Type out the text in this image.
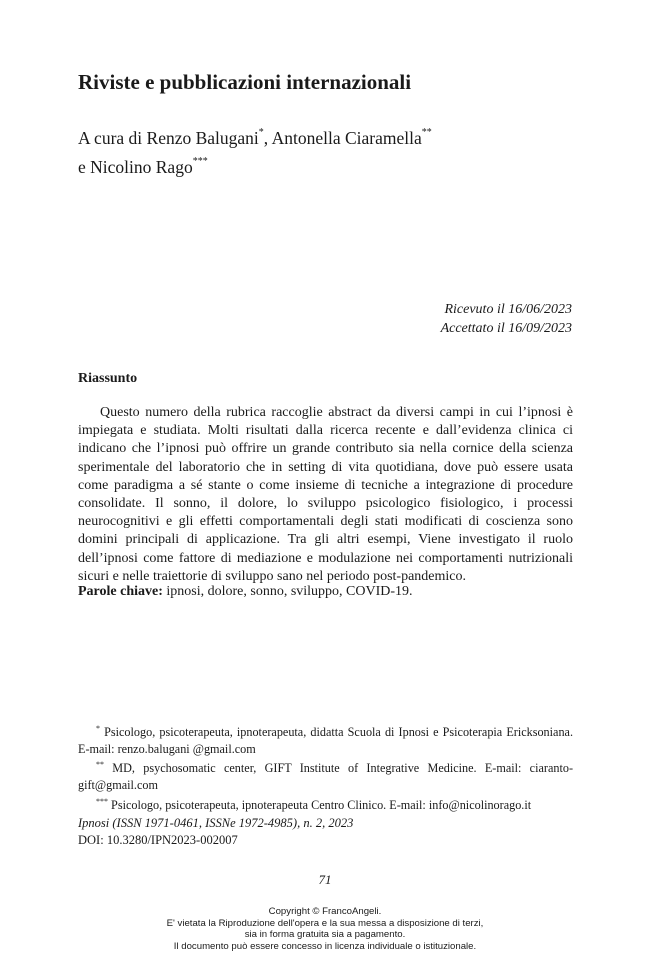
Riviste e pubblicazioni internazionali
A cura di Renzo Balugani*, Antonella Ciaramella**
e Nicolino Rago***
Ricevuto il 16/06/2023
Accettato il 16/09/2023
Riassunto
Questo numero della rubrica raccoglie abstract da diversi campi in cui l’ipnosi è impiegata e studiata. Molti risultati dalla ricerca recente e dall’evidenza clinica ci indicano che l’ipnosi può offrire un grande contributo sia nella cornice della scienza sperimentale del laboratorio che in setting di vita quotidiana, dove può essere usata come paradigma a sé stante o come insieme di tecniche a integrazione di procedure consolidate. Il sonno, il dolore, lo sviluppo psicologico fisiologico, i processi neurocognitivi e gli effetti comportamentali degli stati modificati di coscienza sono domini principali di applicazione. Tra gli altri esempi, Viene investigato il ruolo dell’ipnosi come fattore di mediazione e modulazione nei comportamenti nutrizionali sicuri e nelle traiettorie di sviluppo sano nel periodo post-pandemico.
Parole chiave: ipnosi, dolore, sonno, sviluppo, COVID-19.

* Psicologo, psicoterapeuta, ipnoterapeuta, didatta Scuola di Ipnosi e Psicoterapia Ericksoniana. E-mail: renzo.balugani @gmail.com

** MD, psychosomatic center, GIFT Institute of Integrative Medicine. E-mail: ciarantogift@gmail.com

*** Psicologo, psicoterapeuta, ipnoterapeuta Centro Clinico. E-mail: info@nicolinorago.it

Ipnosi (ISSN 1971-0461, ISSNe 1972-4985), n. 2, 2023
DOI: 10.3280/IPN2023-002007
71
Copyright © FrancoAngeli.
E' vietata la Riproduzione dell'opera e la sua messa a disposizione di terzi,
sia in forma gratuita sia a pagamento.
Il documento può essere concesso in licenza individuale o istituzionale.
